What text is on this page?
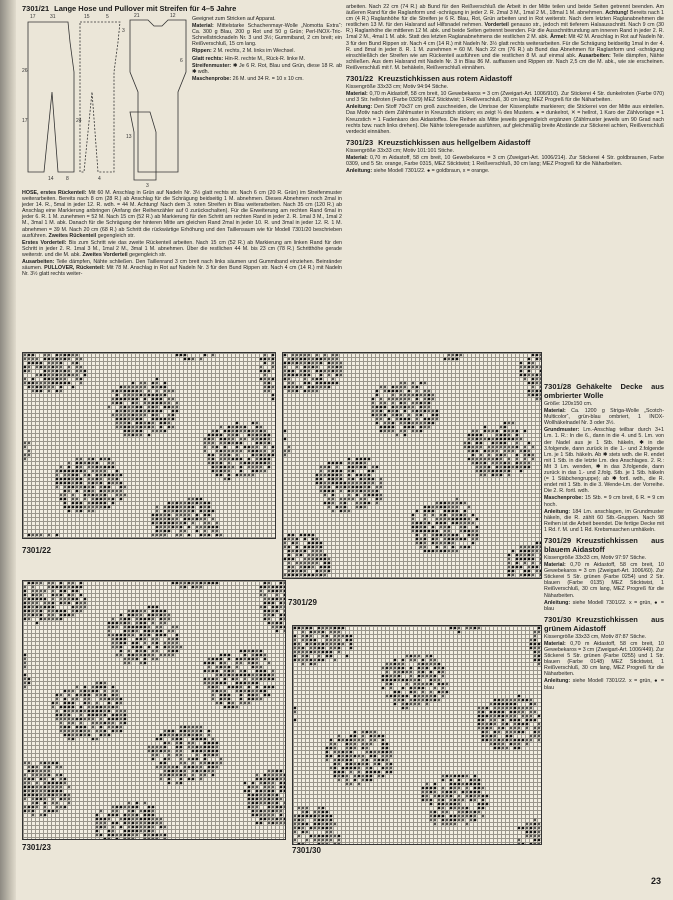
17	31	15	5	21	12
26
3
17	24
13
3
6
8
14	4
7301/21 Lange Hose und Pullover mit Streifen für 4–5 Jahre

Geeignet zum Stricken auf Apparat.

Material: Mittelstarke Schachenmayr-Wolle „Nomotta Extra“: Ca. 300 g Blau, 200 g Rot und 50 g Grün; Perl-INOX-Tric-Schnellstricknadeln Nr. 3 und 3½; Gummiband, 2 cm breit; ein Reißverschluß, 15 cm lang.

Rippen: 2 M. rechts, 2 M. links im Wechsel.

Glatt rechts: Hin-R. rechte M., Rück-R. linke M.

Streifenmuster: ✱ Je 6 R. Rot, Blau und Grün, diese 18 R. ab ✱ wdh.

Maschenprobe: 26 M. und 34 R. = 10 x 10 cm.

HOSE, erstes Rückenteil: Mit 60 M. Anschlag in Grün auf Nadeln Nr. 3½ glatt rechts str. Nach 6 cm (20 R. Grün) im Streifenmuster weiterarbeiten. Bereits nach 8 cm (28 R.) ab Anschlag für die Schrägung beidseitig 1 M. abnehmen. Dieses Abnehmen noch 2mal in jeder 14. R., 5mal in jeder 12. R. wdh. = 44 M. Achtung! Nach dem 3. roten Streifen in Blau weiterarbeiten. Nach 35 cm (120 R.) ab Anschlag eine Markierung anbringen (Anfang der Reihenzähler auf 0 zurückschalten). Für die Erweiterung am rechten Rand 6mal in jeder 6. R. 1 M. zunehmen = 52 M. Nach 15 cm (52 R.) ab Markierung für den Schritt am rechten Rand in jeder 2. R. 1mal 3 M., 1mal 2 M., 3mal 1 M. abk. Danach für die Schrägung der hinteren Mitte am gleichen Rand 2mal in jeder 10. R. und 3mal in jeder 12. R. 1 M. abnehmen = 39 M. Nach 20 cm (68 R.) ab Schritt die rückwärtige Erhöhung und den Taillensaum wie für Modell 7301/20 beschrieben ausführen. Zweites Rückenteil gegengleich str.

Erstes Vorderteil: Bis zum Schritt wie das zweite Rückenteil arbeiten. Nach 15 cm (52 R.) ab Markierung am linken Rand für den Schritt in jeder 2. R. 1mal 3 M., 1mal 2 M., 3mal 1 M. abnehmen. Über die restlichen 44 M. bis 23 cm (78 R.) Schritthöhe gerade weiterstr. und die M. abk. Zweites Vorderteil gegengleich str.

Ausarbeiten: Teile dämpfen, Nähte schließen. Den Taillenrand 3 cm breit nach links säumen und Gummiband einziehen. Beinränder säumen. PULLOVER, Rückenteil: Mit 78 M. Anschlag in Rot auf Nadeln Nr. 3 für den Bund Rippen str. Nach 4 cm (14 R.) mit Nadeln Nr. 3½ glatt rechts weiter-

arbeiten. Nach 22 cm (74 R.) ab Bund für den Reißverschluß die Arbeit in der Mitte teilen und beide Seiten getrennt beenden. Am äußeren Rand für die Raglanform und -schrägung in jeder 2. R. 2mal 3 M., 1mal 2 M., 18mal 1 M. abnehmen. Achtung! Bereits nach 1 cm (4 R.) Raglanhöhe für die Streifen je 6 R. Blau, Rot, Grün arbeiten und in Rot weiterstr. Nach dem letzten Raglanabnehmen die restlichen 13 M. für den Halsrand auf Hilfsnadel nehmen. Vorderteil genauso str., jedoch mit tieferem Halsausschnitt. Nach 9 cm (30 R.) Raglanhöhe die mittleren 12 M. abk. und beide Seiten getrennt beenden. Für die Ausschnittrundung am inneren Rand in jeder 2. R. 1mal 2 M., 4mal 1 M. abk. Statt des letzten Raglanabnehmens die restlichen 2 M. abk. Ärmel: Mit 42 M. Anschlag in Rot auf Nadeln Nr. 3 für den Bund Rippen str. Nach 4 cm (14 R.) mit Nadeln Nr. 3½ glatt rechts weiterarbeiten. Für die Schrägung beidseitig 1mal in der 4. R. und 8mal in jeder 8. R. 1 M. zunehmen = 60 M. Nach 22 cm (76 R.) ab Bund das Abnehmen für Raglanform und -schrägung einschließlich der Streifen wie am Rückenteil ausführen und die restlichen 8 M. auf einmal abk. Ausarbeiten: Teile dämpfen, Nähte schließen. Aus dem Halsrand mit Nadeln Nr. 3 in Blau 86 M. auffassen und Rippen str. Nach 2,5 cm die M. abk., wie sie erscheinen. Reißverschluß mit f. M. behäkeln, Reißverschluß einnähen.

7301/22 Kreuzstichkissen aus rotem Aidastoff

Kissengröße 33x33 cm; Motiv 94:94 Stiche.

Material: 0,70 m Aidastoff, 58 cm breit, 10 Gewebekaros = 3 cm (Zweigart-Art. 1006/910). Zur Stickerei 4 Str. dunkelroten (Farbe 070) und 3 Str. hellroten (Farbe 0329) MEZ Sticktwist; 1 Reißverschluß, 30 cm lang; MEZ Progreß für die Näharbeiten.

Anleitung: Den Stoff 70x37 cm groß zuschneiden, die Umrisse der Kissenplatte markieren; die Stickerei von der Mitte aus einteilen. Das Motiv nach dem Zählmuster in Kreuzstich sticken; es zeigt ¼ des Musters. ● = dunkelrot, ✕ = hellrot, 1 Karo der Zählvorlage = 1 Kreuzstich = 1 Fadenkaro des Aidastoffes. Die Reihen als Mitte jeweils gegengleich ergänzen (Zählmuster jeweils um 90 Grad nach rechts bzw. nach links drehen). Die Nähte toleregerade ausführen, auf gleichmäßig breite Abstände zur Stickerei achten, Reißverschluß verdeckt einnähen.

7301/23 Kreuzstichkissen aus hellgelbem Aidastoff

Kissengröße 33x33 cm; Motiv 101:101 Stiche.

Material: 0,70 m Aidastoff, 58 cm breit, 10 Gewebekaros = 3 cm (Zweigart-Art. 1006/214). Zur Stickerei 4 Str. goldbraunen, Farbe 0309, und 5 Str. orange, Farbe 0315, MEZ Sticktwist; 1 Reißverschluß, 30 cm lang; MEZ Progreß für die Näharbeiten.

Anleitung: siehe Modell 7301/22. ● = goldbraun, x = orange.

7301/28 Gehäkelte Decke aus ombrierter Wolle

Größe: 120x150 cm.

Material: Ca. 1200 g Striga-Wolle „Scotch-Multicolor“, grün-blau ombriert, 1 INOX-Wollhäkelnadel Nr. 3 oder 3½.

Grundmuster: Lm.-Anschlag teilbar durch 3+1 Lm. 1. R.: In die 6., dann in die 4. und 5. Lm. von der Nadel aus je 1 Stb. häkeln, ✱ in die 3.folgende, dann zurück in die 1.- und 2.folgende Lm. je 1 Stb. häkeln. Ab ✱ stets wdh. die R. endet mit 1 Stb. in die letzte Lm. des Anschlages. 2. R.: Mit 3 Lm. wenden, ✱ in das 3.folgende, dann zurück in das 1.- und 2.folg. Stb. je 1 Stb. häkeln (= 1 Stäbchengruppe); ab ✱ fortl. wdh., die R. endet mit 1 Stb. in die 3. Wende-Lm. der Vorreihe. Die 2. R. fortl. wdh.

Maschenprobe: 15 Stb. = 9 cm breit, 6 R. = 9 cm hoch.

Anleitung: 184 Lm. anschlagen, im Grundmuster häkeln, die R. zählt 60 Stb.-Gruppen. Nach 98 Reihen ist die Arbeit beendet. Die fertige Decke mit 1 Rd. f. M. und 1 Rd. Krebsmaschen umhäkeln.

7301/29 Kreuzstichkissen aus blauem Aidastoff

Kissengröße 33x33 cm, Motiv 97:97 Stiche.

Material: 0,70 m Aidastoff, 58 cm breit, 10 Gewebekaros = 3 cm (Zweigart-Art. 1006/60). Zur Stickerei 5 Str. grünen (Farbe 0254) und 2 Str. blauen (Farbe 0135) MEZ Sticktwist, 1 Reißverschluß, 30 cm lang, MEZ Progreß für die Näharbeiten.

Anleitung: siehe Modell 7301/22. x = grün, ● = blau

7301/30 Kreuzstichkissen aus grünem Aidastoff

Kissengröße 33x33 cm, Motiv 87:87 Stiche.

Material: 0,70 m Aidastoff, 58 cm breit, 10 Gewebekaros = 3 cm (Zweigart-Art. 1006/449). Zur Stickerei 5 Str. grünen (Farbe 0255) und 1 Str. blauen (Farbe 0148) MEZ Sticktwist, 1 Reißverschluß, 30 cm lang, MEZ Progreß für die Näharbeiten.

Anleitung: siehe Modell 7301/22. x = grün, ● = blau

7301/22
7301/29
7301/23	7301/30
23
